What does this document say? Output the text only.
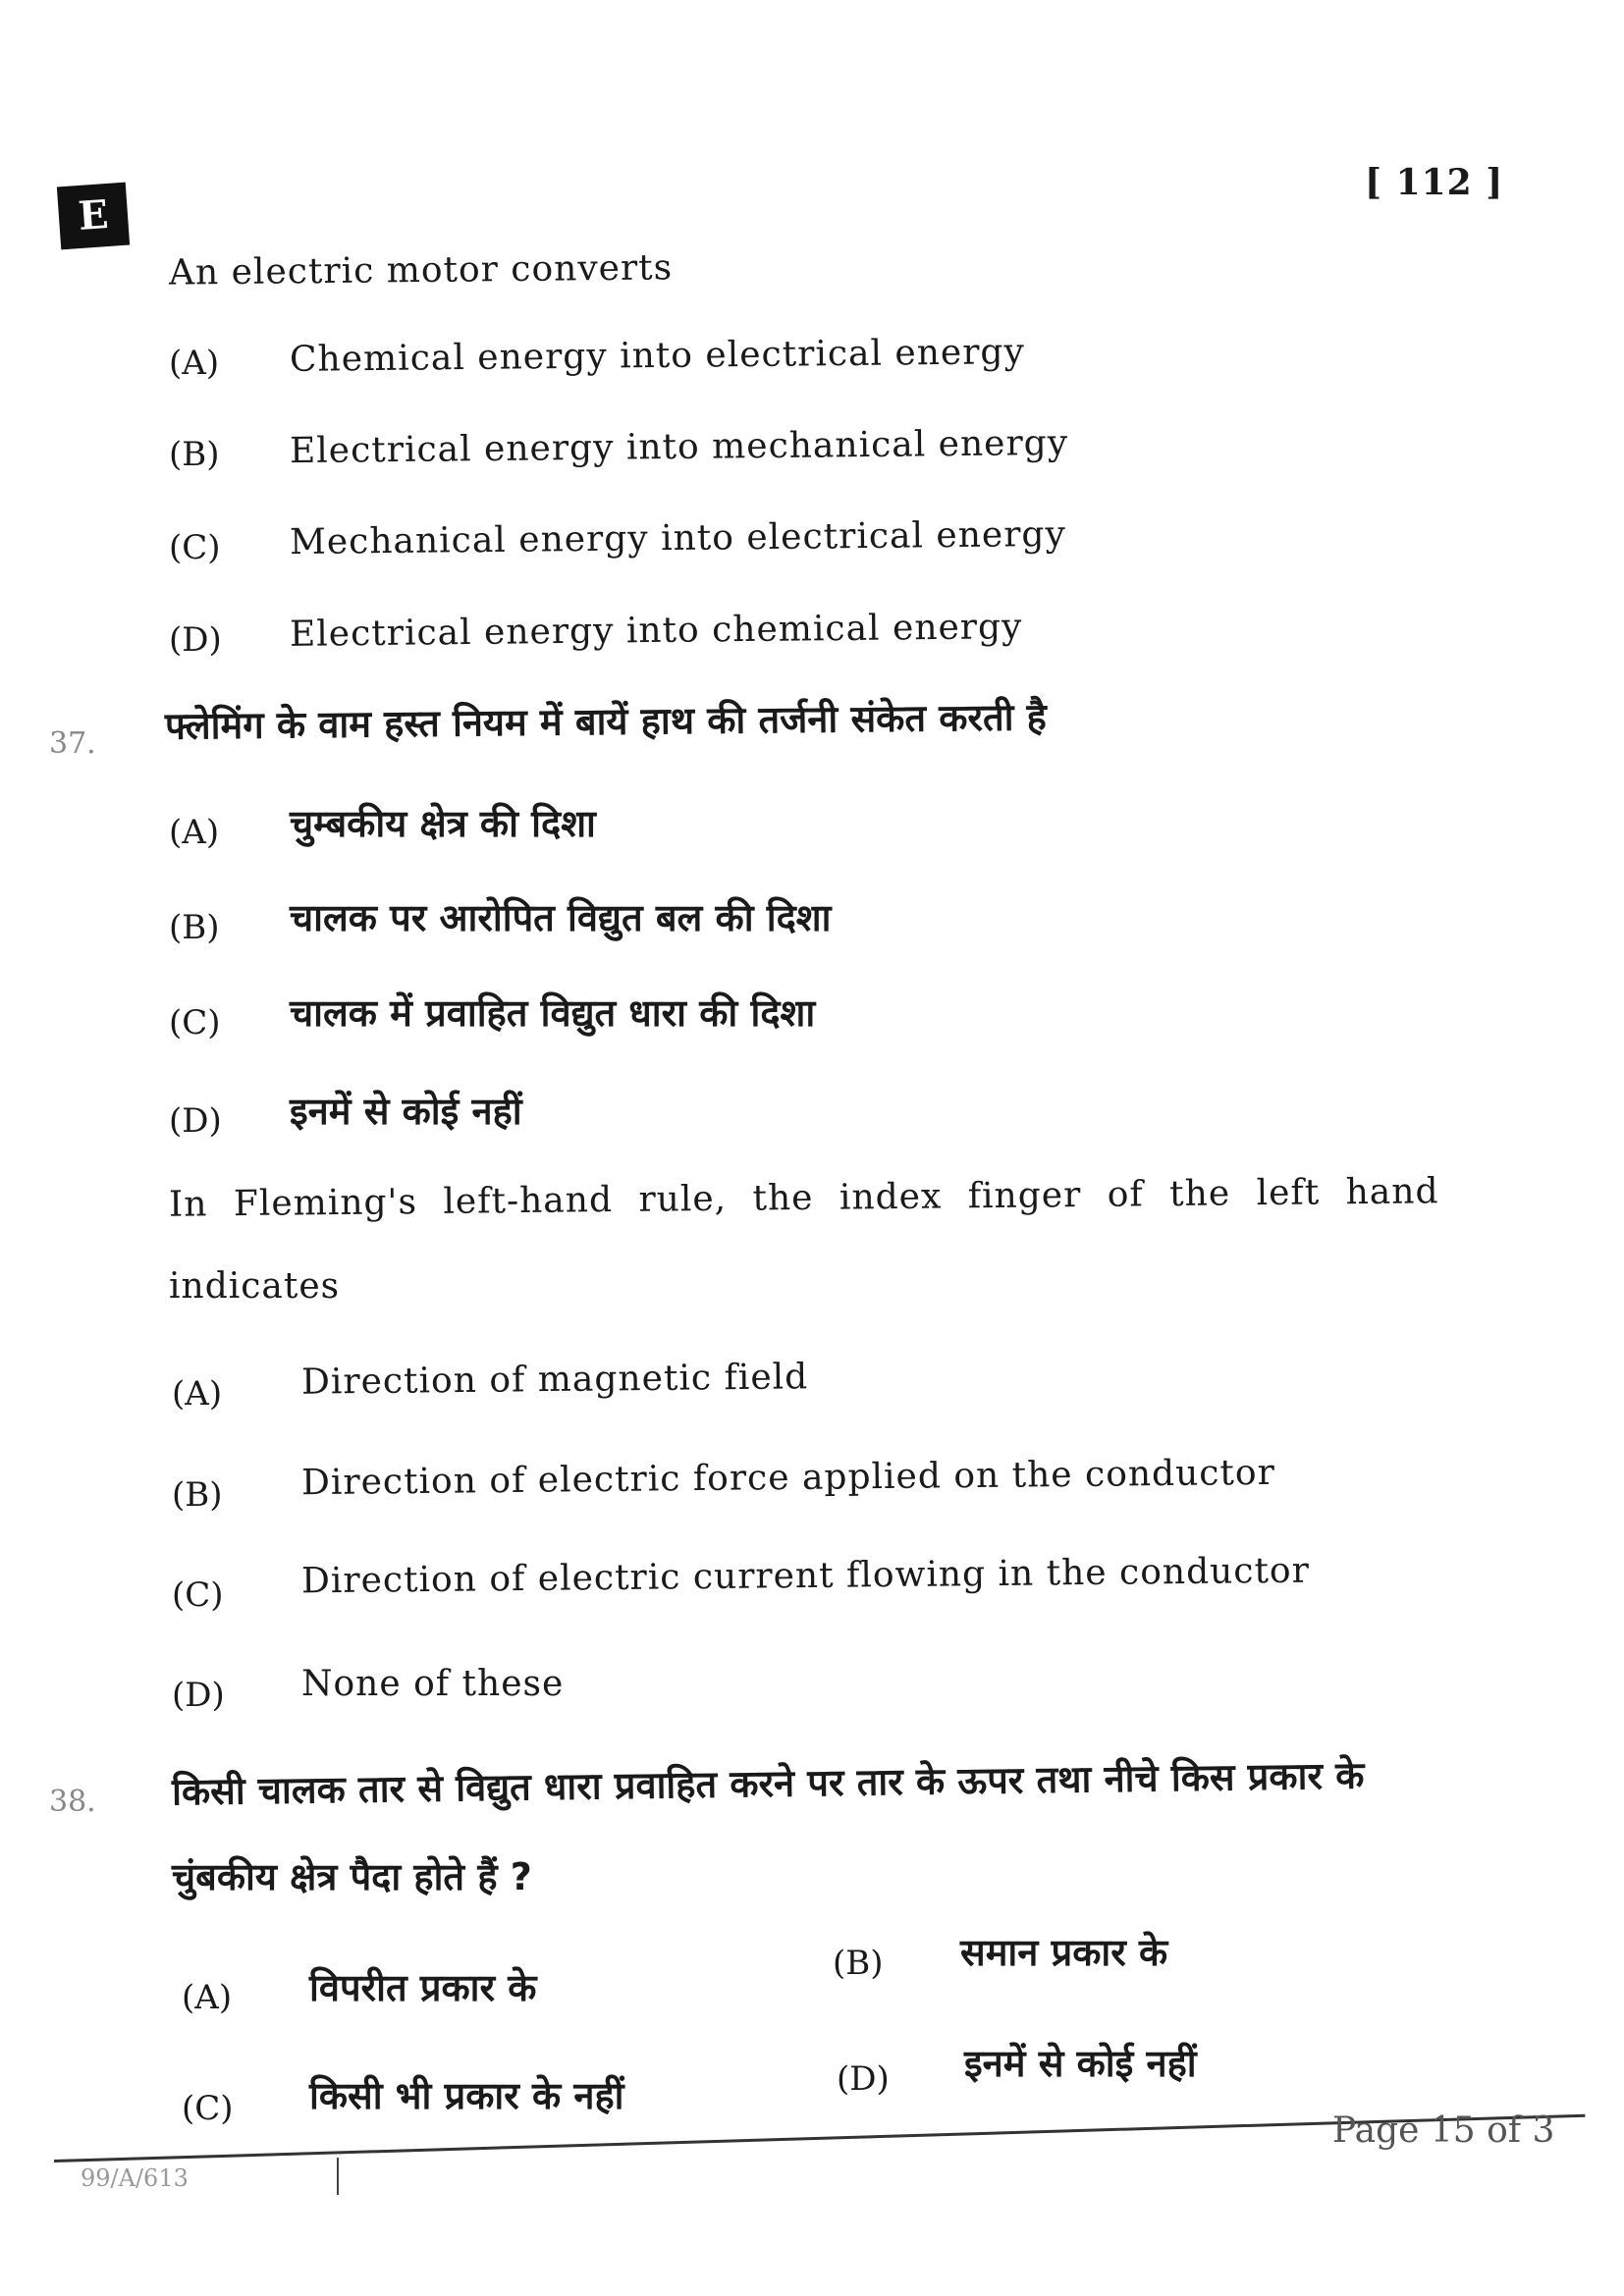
E
[ 112 ]
An electric motor converts
(A) Chemical energy into electrical energy
(B) Electrical energy into mechanical energy
(C) Mechanical energy into electrical energy
(D) Electrical energy into chemical energy
37. फ्लेमिंग के वाम हस्त नियम में बायें हाथ की तर्जनी संकेत करती है
(A) चुम्बकीय क्षेत्र की दिशा
(B) चालक पर आरोपित विद्युत बल की दिशा
(C) चालक में प्रवाहित विद्युत धारा की दिशा
(D) इनमें से कोई नहीं
In Fleming's left-hand rule, the index finger of the left hand
indicates
(A) Direction of magnetic field
(B) Direction of electric force applied on the conductor
(C) Direction of electric current flowing in the conductor
(D) None of these
38. किसी चालक तार से विद्युत धारा प्रवाहित करने पर तार के ऊपर तथा नीचे किस प्रकार के
चुंबकीय क्षेत्र पैदा होते हैं ?
(A) विपरीत प्रकार के
(B) समान प्रकार के
(C) किसी भी प्रकार के नहीं	(D) इनमें से कोई नहीं
Page 15 of 3
99/A/613
